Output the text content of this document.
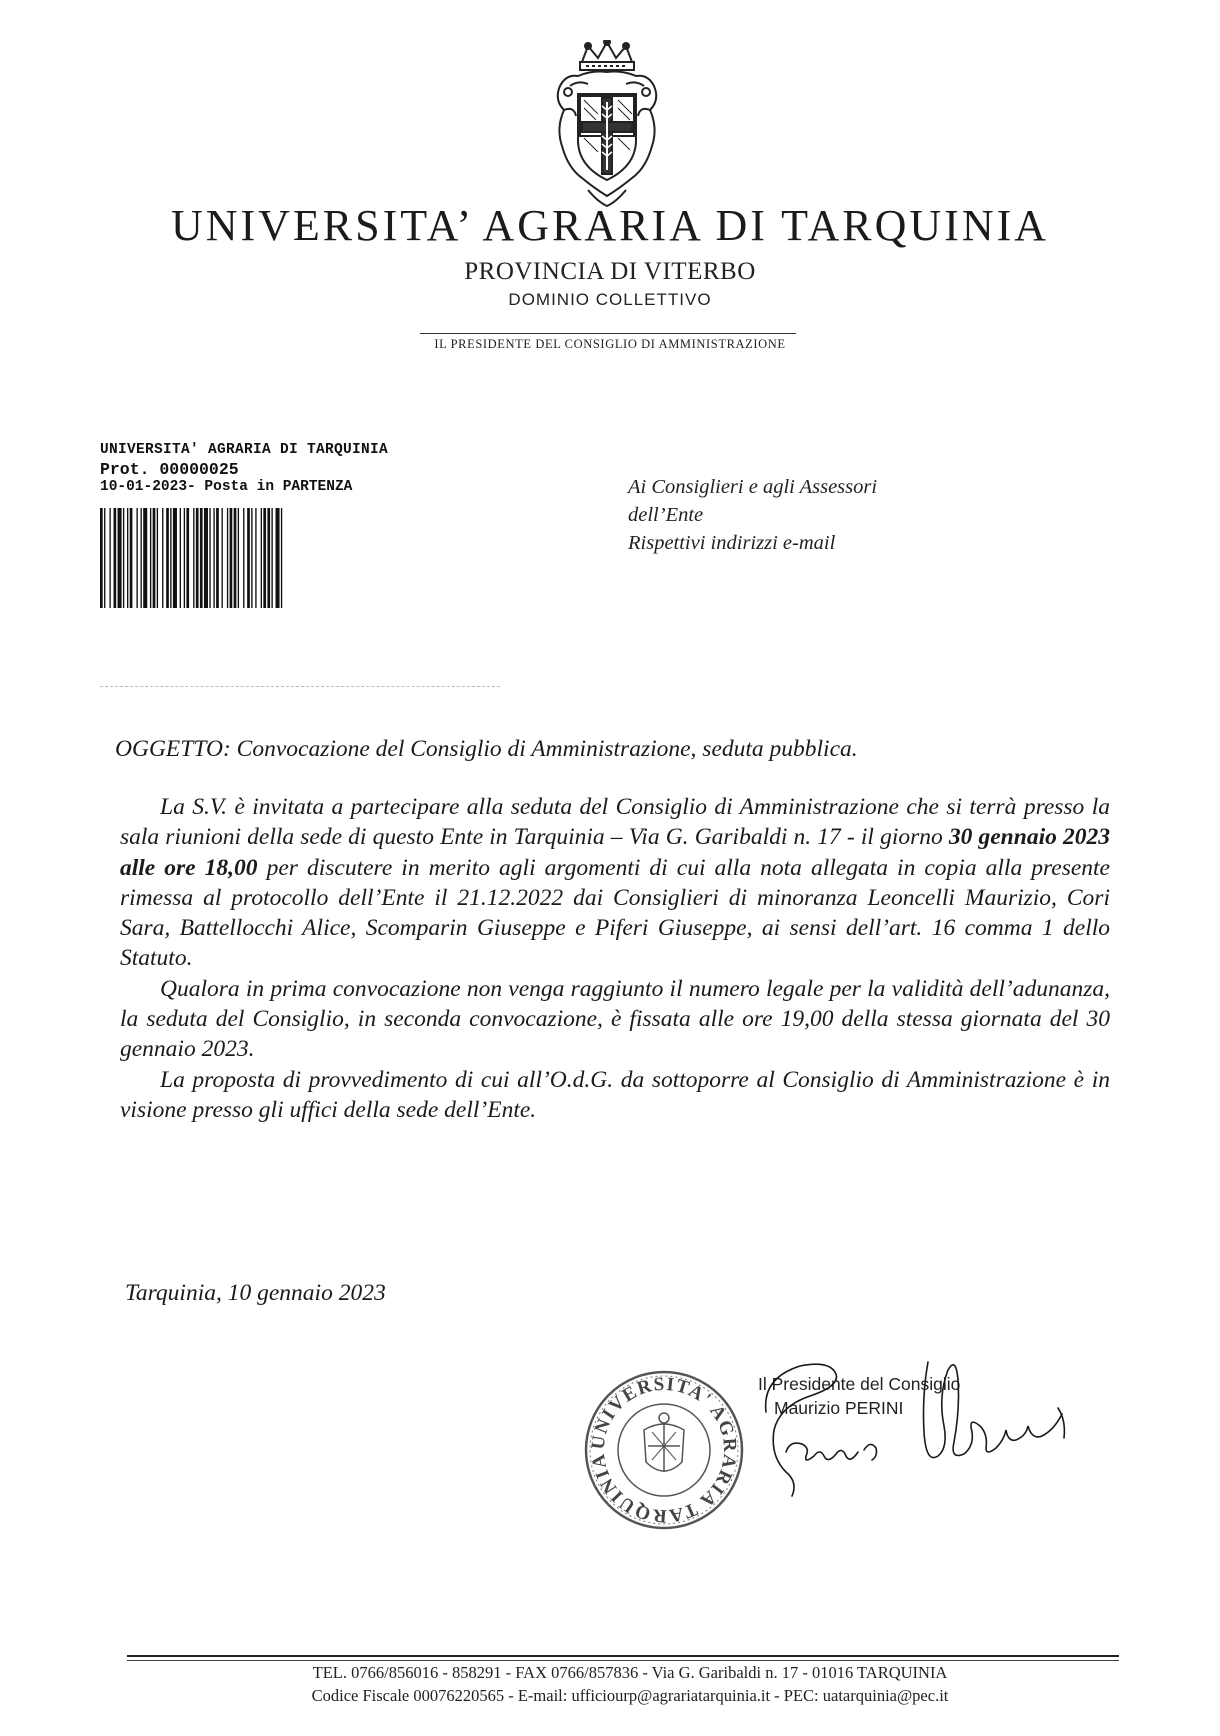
UNIVERSITA’ AGRARIA DI TARQUINIA
PROVINCIA DI VITERBO
DOMINIO COLLETTIVO
IL PRESIDENTE DEL CONSIGLIO DI AMMINISTRAZIONE
UNIVERSITA' AGRARIA DI TARQUINIA
Prot. 00000025
10-01-2023- Posta in PARTENZA	Ai Consiglieri e agli Assessori
dell’Ente
Rispettivi indirizzi e-mail
OGGETTO: Convocazione del Consiglio di Amministrazione, seduta pubblica.

La S.V. è invitata a partecipare alla seduta del Consiglio di Amministrazione che si terrà presso la sala riunioni della sede di questo Ente in Tarquinia – Via G. Garibaldi n. 17 - il giorno 30 gennaio 2023 alle ore 18,00 per discutere in merito agli argomenti di cui alla nota allegata in copia alla presente rimessa al protocollo dell’Ente il 21.12.2022 dai Consiglieri di minoranza Leoncelli Maurizio, Cori Sara, Battellocchi Alice, Scomparin Giuseppe e Piferi Giuseppe, ai sensi dell’art. 16 comma 1 dello Statuto.

Qualora in prima convocazione non venga raggiunto il numero legale per la validità dell’adunanza, la seduta del Consiglio, in seconda convocazione, è fissata alle ore 19,00 della stessa giornata del 30 gennaio 2023.

La proposta di provvedimento di cui all’O.d.G. da sottoporre al Consiglio di Amministrazione è in visione presso gli uffici della sede dell’Ente.

Tarquinia, 10 gennaio 2023
UNIVERSITA' AGRARIA TARQUINIA
Il Presidente del Consiglio
Maurizio PERINI
TEL. 0766/856016 - 858291 - FAX 0766/857836 - Via G. Garibaldi n. 17 - 01016 TARQUINIA
Codice Fiscale 00076220565 - E-mail: ufficiourp@agrariatarquinia.it - PEC: uatarquinia@pec.it
